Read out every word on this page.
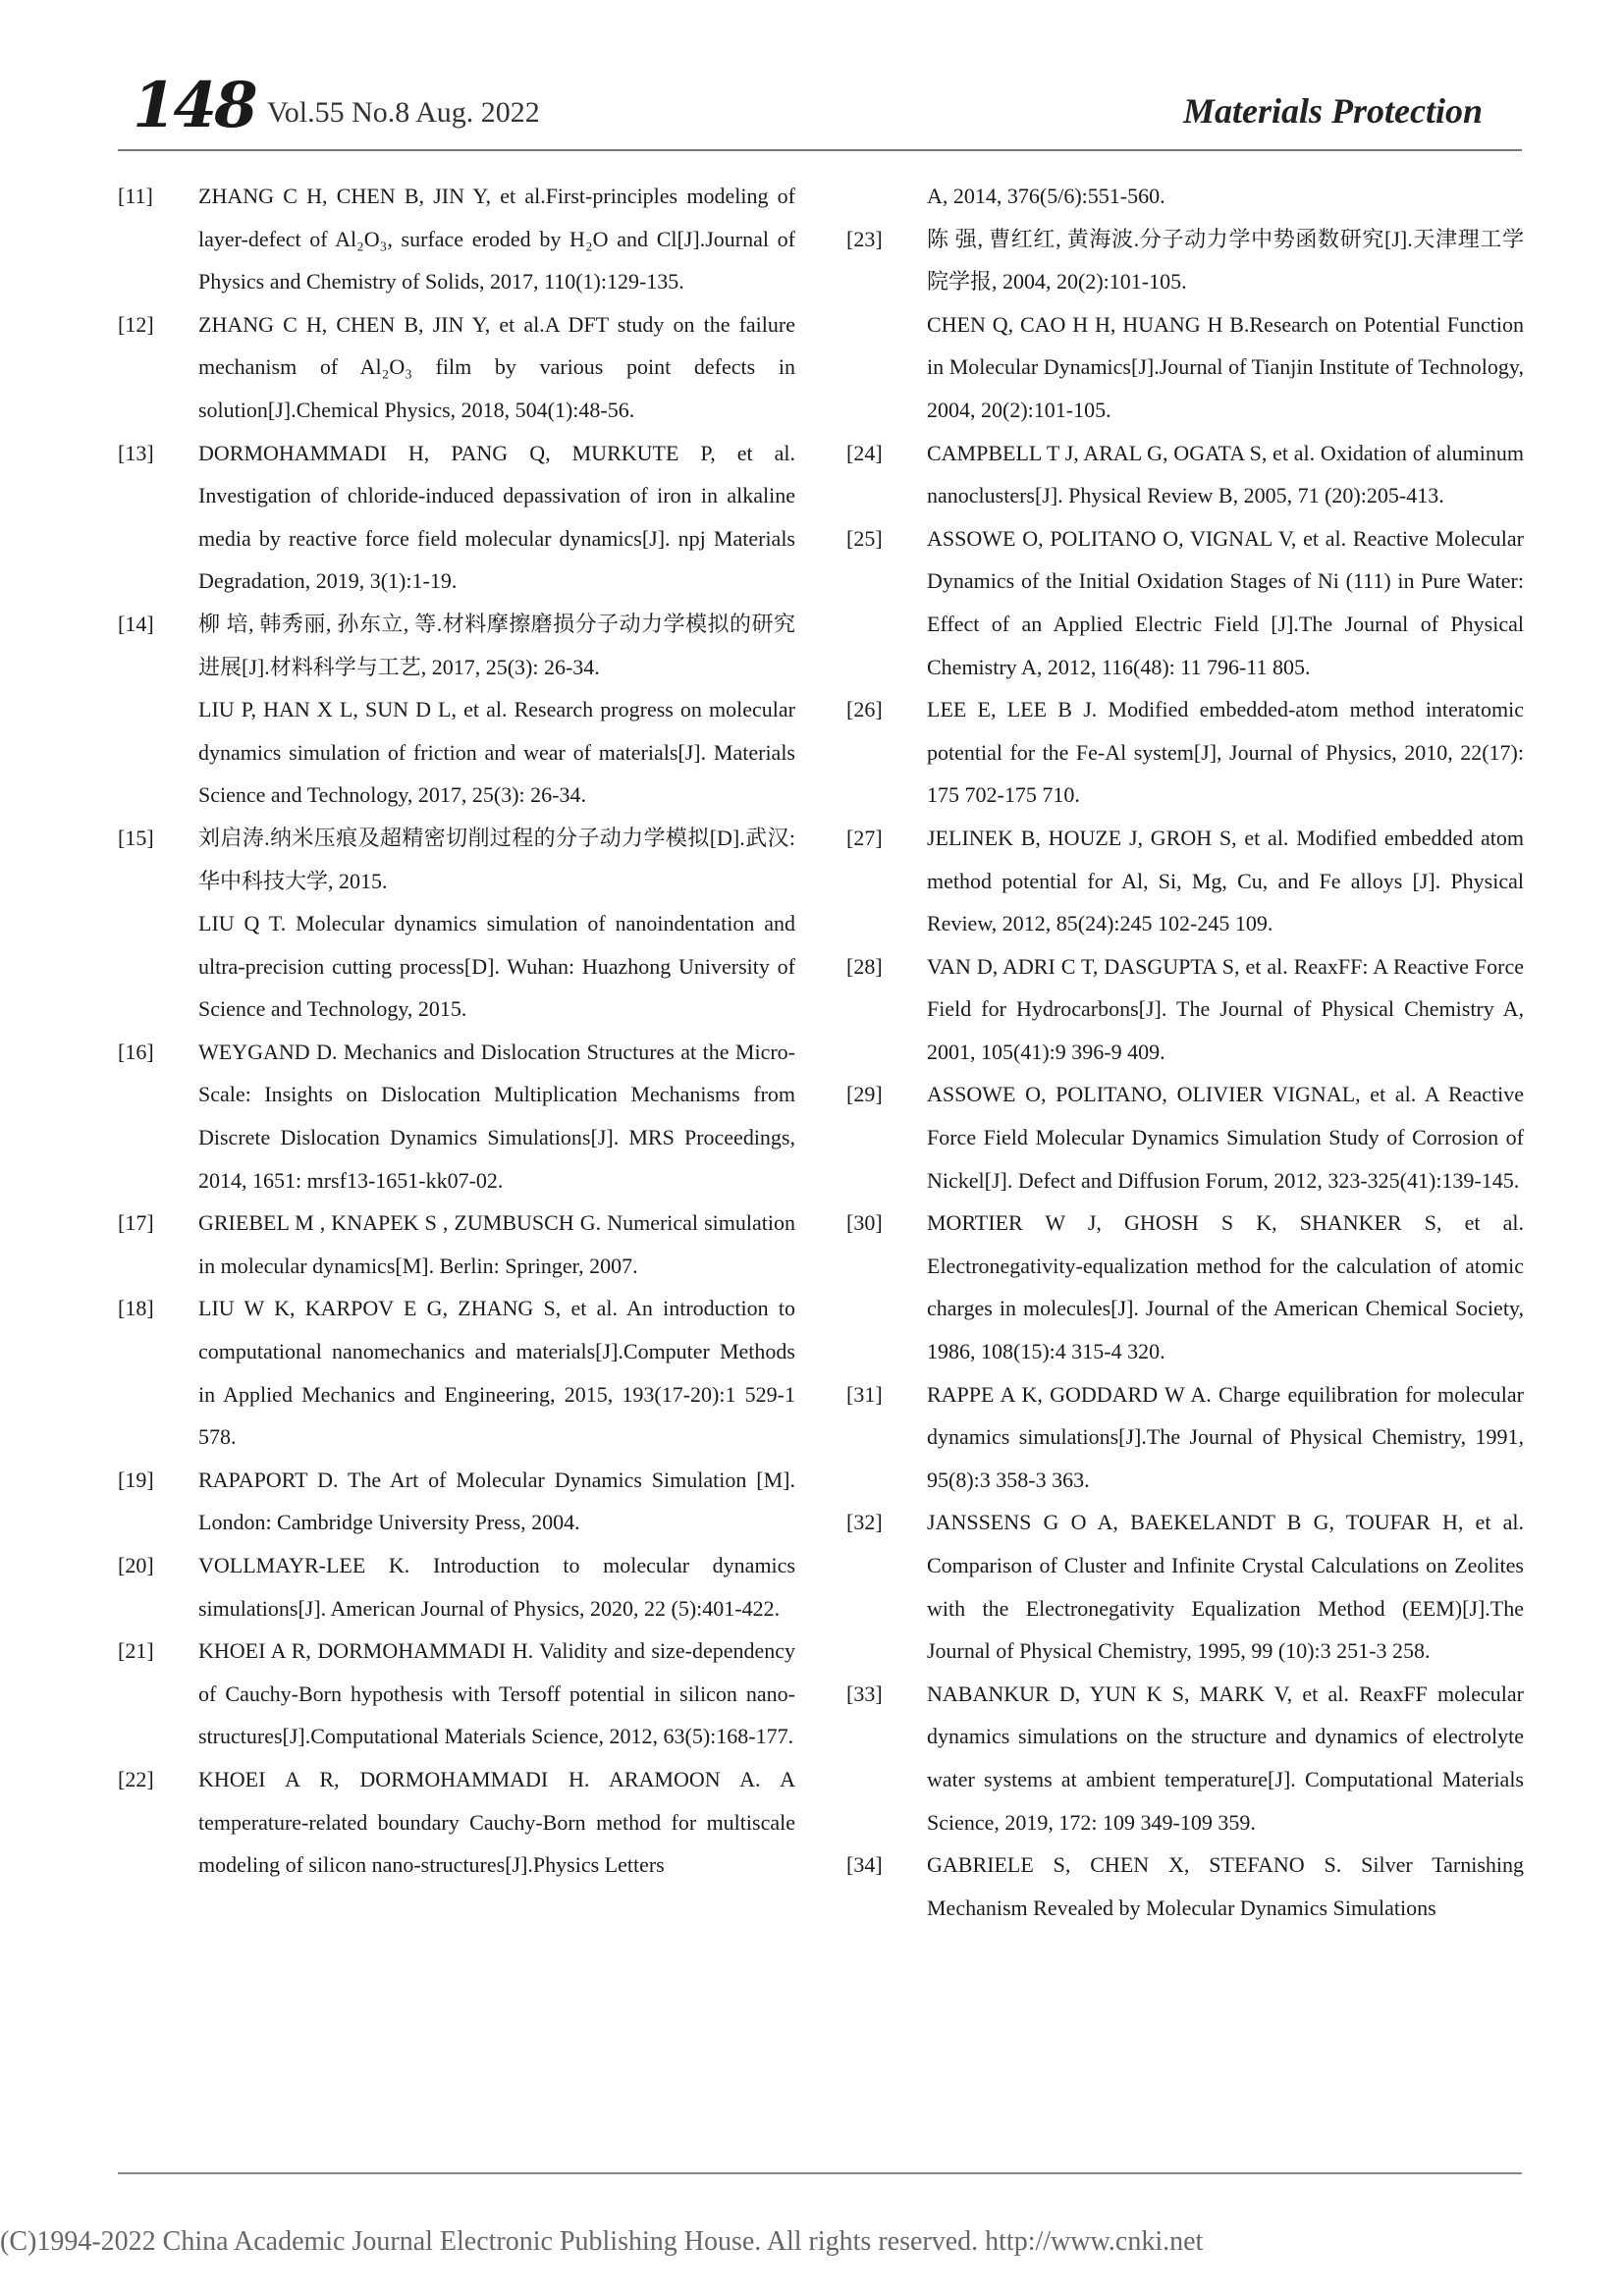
148 Vol.55 No.8 Aug. 2022	Materials Protection
[11]	ZHANG C H, CHEN B, JIN Y, et al.First-principles modeling of layer-defect of Al₂O₃, surface eroded by H₂O and Cl[J].Journal of Physics and Chemistry of Solids, 2017, 110(1):129-135.
[12]	ZHANG C H, CHEN B, JIN Y, et al.A DFT study on the failure mechanism of Al₂O₃ film by various point defects in solution[J].Chemical Physics, 2018, 504(1):48-56.
[13]	DORMOHAMMADI H, PANG Q, MURKUTE P, et al. Investigation of chloride-induced depassivation of iron in alkaline media by reactive force field molecular dynamics[J]. npj Materials Degradation, 2019, 3(1):1-19.
[14]	柳 培, 韩秀丽, 孙东立, 等.材料摩擦磨损分子动力学模拟的研究进展[J].材料科学与工艺, 2017, 25(3): 26-34.
LIU P, HAN X L, SUN D L, et al. Research progress on molecular dynamics simulation of friction and wear of materials[J]. Materials Science and Technology, 2017, 25(3): 26-34.
[15]	刘启涛.纳米压痕及超精密切削过程的分子动力学模拟[D].武汉:华中科技大学, 2015.
LIU Q T. Molecular dynamics simulation of nanoindentation and ultra-precision cutting process[D]. Wuhan: Huazhong University of Science and Technology, 2015.
[16]	WEYGAND D. Mechanics and Dislocation Structures at the Micro-Scale: Insights on Dislocation Multiplication Mechanisms from Discrete Dislocation Dynamics Simulations[J]. MRS Proceedings, 2014, 1651: mrsf13-1651-kk07-02.
[17]	GRIEBEL M , KNAPEK S , ZUMBUSCH G. Numerical simulation in molecular dynamics[M]. Berlin: Springer, 2007.
[18]	LIU W K, KARPOV E G, ZHANG S, et al. An introduction to computational nanomechanics and materials[J].Computer Methods in Applied Mechanics and Engineering, 2015, 193(17-20):1 529-1 578.
[19]	RAPAPORT D. The Art of Molecular Dynamics Simulation [M]. London: Cambridge University Press, 2004.
[20]	VOLLMAYR-LEE K. Introduction to molecular dynamics simulations[J]. American Journal of Physics, 2020, 22 (5):401-422.
[21]	KHOEI A R, DORMOHAMMADI H. Validity and size-dependency of Cauchy-Born hypothesis with Tersoff potential in silicon nano-structures[J].Computational Materials Science, 2012, 63(5):168-177.
[22]	KHOEI A R, DORMOHAMMADI H. ARAMOON A. A temperature-related boundary Cauchy-Born method for multiscale modeling of silicon nano-structures[J].Physics Letters
A, 2014, 376(5/6):551-560.
[23]	陈 强, 曹红红, 黄海波.分子动力学中势函数研究[J].天津理工学院学报, 2004, 20(2):101-105.
CHEN Q, CAO H H, HUANG H B.Research on Potential Function in Molecular Dynamics[J].Journal of Tianjin Institute of Technology, 2004, 20(2):101-105.
[24]	CAMPBELL T J, ARAL G, OGATA S, et al. Oxidation of aluminum nanoclusters[J]. Physical Review B, 2005, 71 (20):205-413.
[25]	ASSOWE O, POLITANO O, VIGNAL V, et al. Reactive Molecular Dynamics of the Initial Oxidation Stages of Ni (111) in Pure Water: Effect of an Applied Electric Field [J].The Journal of Physical Chemistry A, 2012, 116(48): 11 796-11 805.
[26]	LEE E, LEE B J. Modified embedded-atom method interatomic potential for the Fe-Al system[J], Journal of Physics, 2010, 22(17): 175 702-175 710.
[27]	JELINEK B, HOUZE J, GROH S, et al. Modified embedded atom method potential for Al, Si, Mg, Cu, and Fe alloys [J]. Physical Review, 2012, 85(24):245 102-245 109.
[28]	VAN D, ADRI C T, DASGUPTA S, et al. ReaxFF: A Reactive Force Field for Hydrocarbons[J]. The Journal of Physical Chemistry A, 2001, 105(41):9 396-9 409.
[29]	ASSOWE O, POLITANO, OLIVIER VIGNAL, et al. A Reactive Force Field Molecular Dynamics Simulation Study of Corrosion of Nickel[J]. Defect and Diffusion Forum, 2012, 323-325(41):139-145.
[30]	MORTIER W J, GHOSH S K, SHANKER S, et al. Electronegativity-equalization method for the calculation of atomic charges in molecules[J]. Journal of the American Chemical Society, 1986, 108(15):4 315-4 320.
[31]	RAPPE A K, GODDARD W A. Charge equilibration for molecular dynamics simulations[J].The Journal of Physical Chemistry, 1991, 95(8):3 358-3 363.
[32]	JANSSENS G O A, BAEKELANDT B G, TOUFAR H, et al. Comparison of Cluster and Infinite Crystal Calculations on Zeolites with the Electronegativity Equalization Method (EEM)[J].The Journal of Physical Chemistry, 1995, 99 (10):3 251-3 258.
[33]	NABANKUR D, YUN K S, MARK V, et al. ReaxFF molecular dynamics simulations on the structure and dynamics of electrolyte water systems at ambient temperature[J]. Computational Materials Science, 2019, 172: 109 349-109 359.
[34]	GABRIELE S, CHEN X, STEFANO S. Silver Tarnishing Mechanism Revealed by Molecular Dynamics Simulations
(C)1994-2022 China Academic Journal Electronic Publishing House. All rights reserved. http://www.cnki.net
